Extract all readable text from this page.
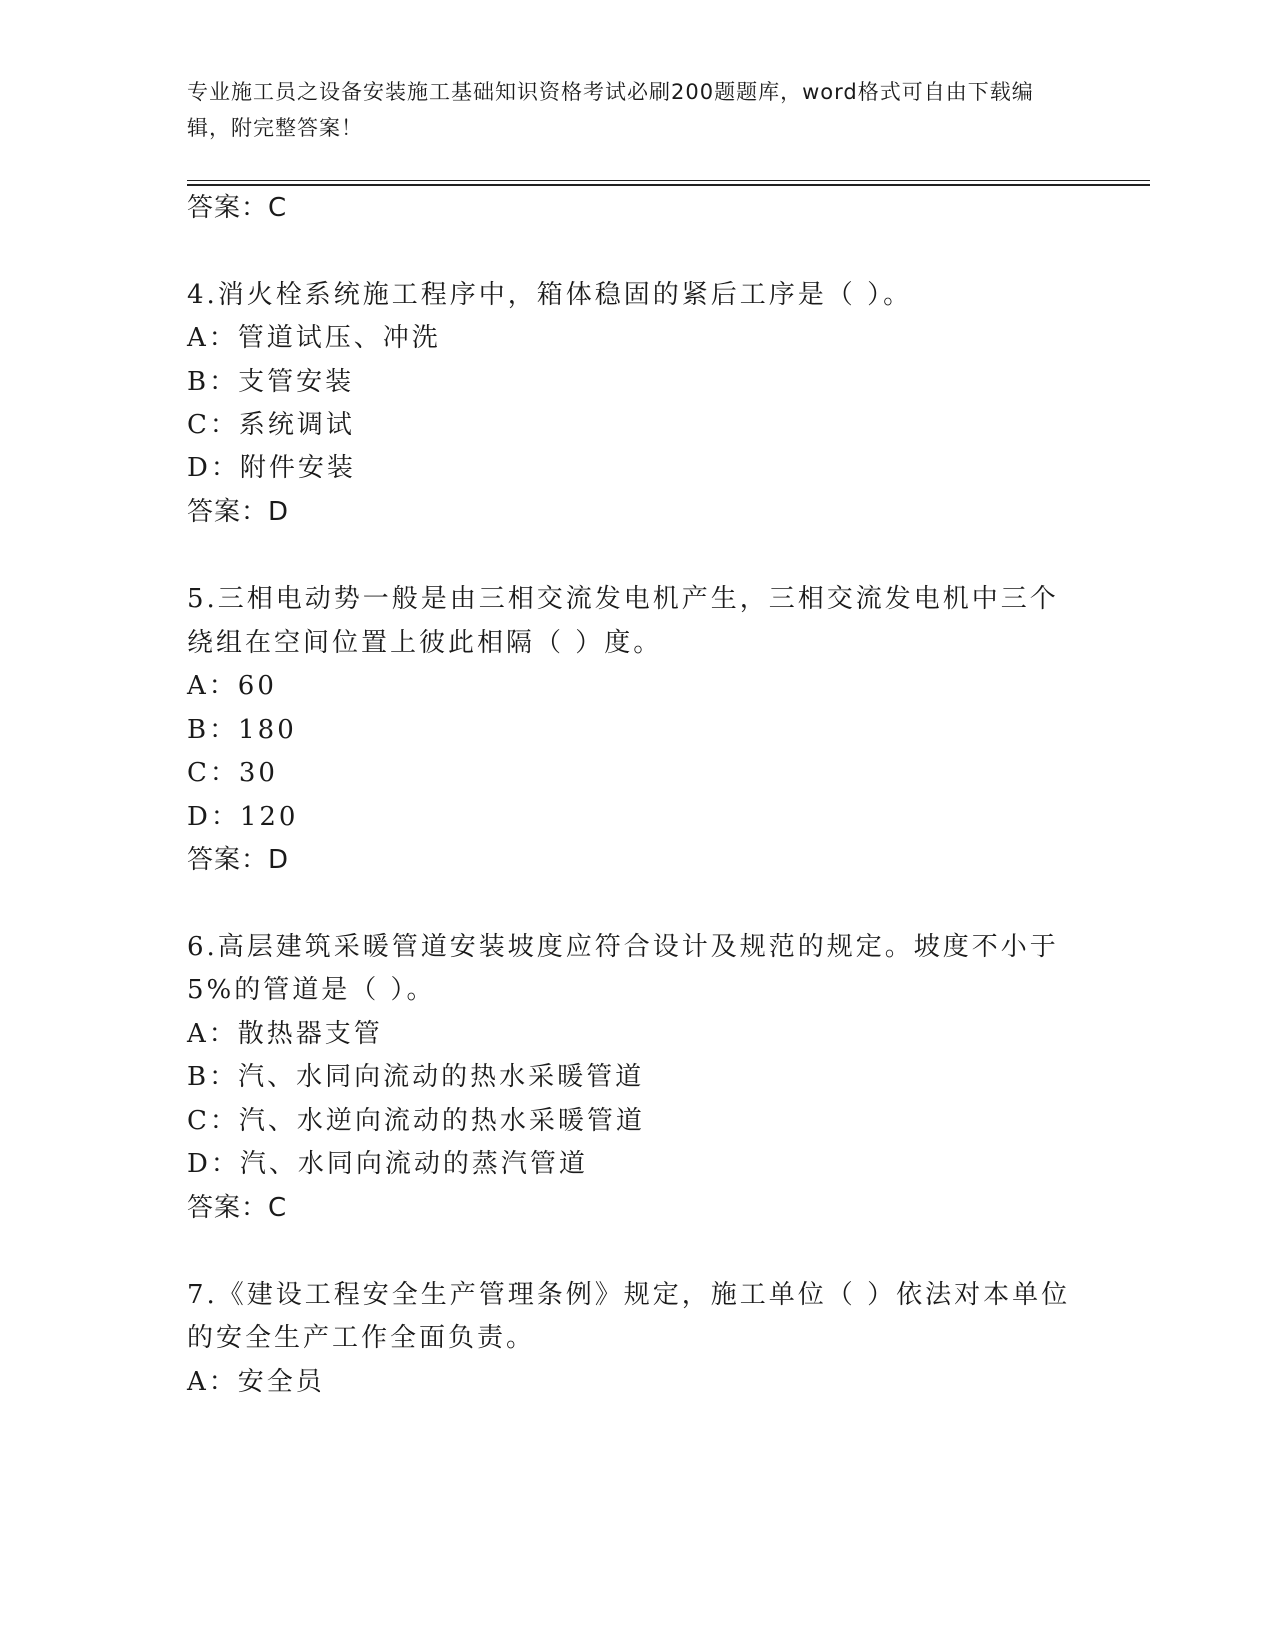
专业施工员之设备安装施工基础知识资格考试必刷200题题库，word格式可自由下载编辑，附完整答案！
答案：C
4.消火栓系统施工程序中，箱体稳固的紧后工序是（ ）。
A：管道试压、冲洗
B：支管安装
C：系统调试
D：附件安装
答案：D
5.三相电动势一般是由三相交流发电机产生，三相交流发电机中三个
绕组在空间位置上彼此相隔（ ）度。
A：60
B：180
C：30
D：120
答案：D
6.高层建筑采暖管道安装坡度应符合设计及规范的规定。坡度不小于
5%的管道是（ ）。
A：散热器支管
B：汽、水同向流动的热水采暖管道
C：汽、水逆向流动的热水采暖管道
D：汽、水同向流动的蒸汽管道
答案：C
7.《建设工程安全生产管理条例》规定，施工单位（ ）依法对本单位
的安全生产工作全面负责。
A：安全员
